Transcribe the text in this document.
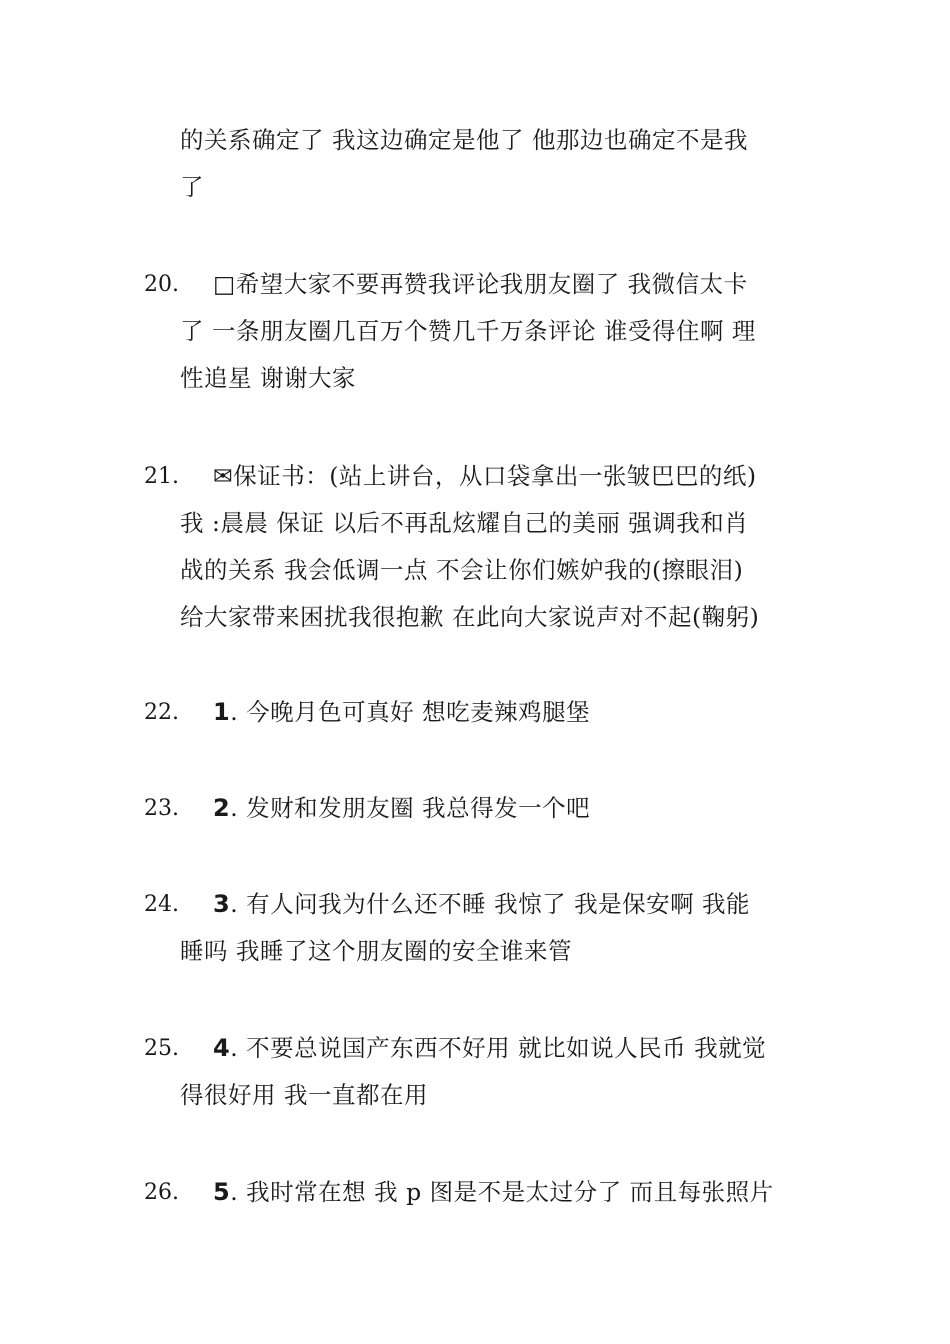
的关系确定了 我这边确定是他了 他那边也确定不是我
了
20.	□希望大家不要再赞我评论我朋友圈了 我微信太卡
了 一条朋友圈几百万个赞几千万条评论 谁受得住啊 理
性追星 谢谢大家
21.	✉保证书：(站上讲台，从口袋拿出一张皱巴巴的纸)
我 :晨晨 保证 以后不再乱炫耀自己的美丽 强调我和肖
战的关系 我会低调一点 不会让你们嫉妒我的(擦眼泪)
给大家带来困扰我很抱歉 在此向大家说声对不起(鞠躬)
22.	1. 今晚月色可真好 想吃麦辣鸡腿堡
23.	2. 发财和发朋友圈 我总得发一个吧
24.	3. 有人问我为什么还不睡 我惊了 我是保安啊 我能
睡吗 我睡了这个朋友圈的安全谁来管
25.	4. 不要总说国产东西不好用 就比如说人民币 我就觉
得很好用 我一直都在用
26.	5. 我时常在想 我 p 图是不是太过分了 而且每张照片
